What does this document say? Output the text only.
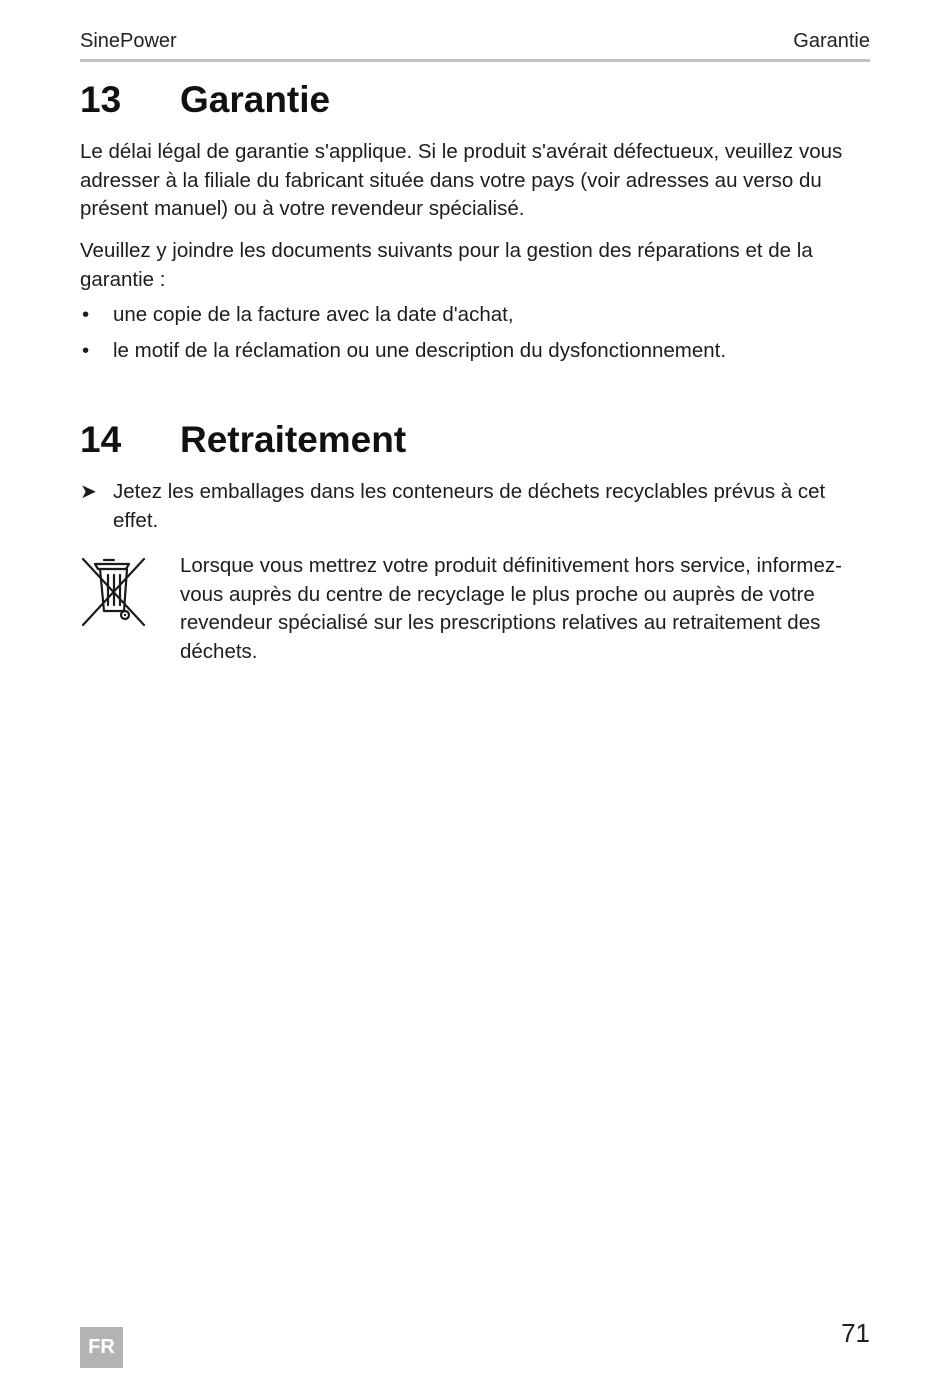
SinePower	Garantie
13 Garantie

Le délai légal de garantie s'applique. Si le produit s'avérait défectueux, veuillez vous adresser à la filiale du fabricant située dans votre pays (voir adresses au verso du présent manuel) ou à votre revendeur spécialisé.

Veuillez y joindre les documents suivants pour la gestion des réparations et de la garantie :

• une copie de la facture avec la date d'achat,
• le motif de la réclamation ou une description du dysfonctionnement.
14 Retraitement
➤ Jetez les emballages dans les conteneurs de déchets recyclables prévus à cet effet.
Lorsque vous mettrez votre produit définitivement hors service, informez-vous auprès du centre de recyclage le plus proche ou auprès de votre revendeur spécialisé sur les prescriptions relatives au retraitement des déchets.
FR	71
